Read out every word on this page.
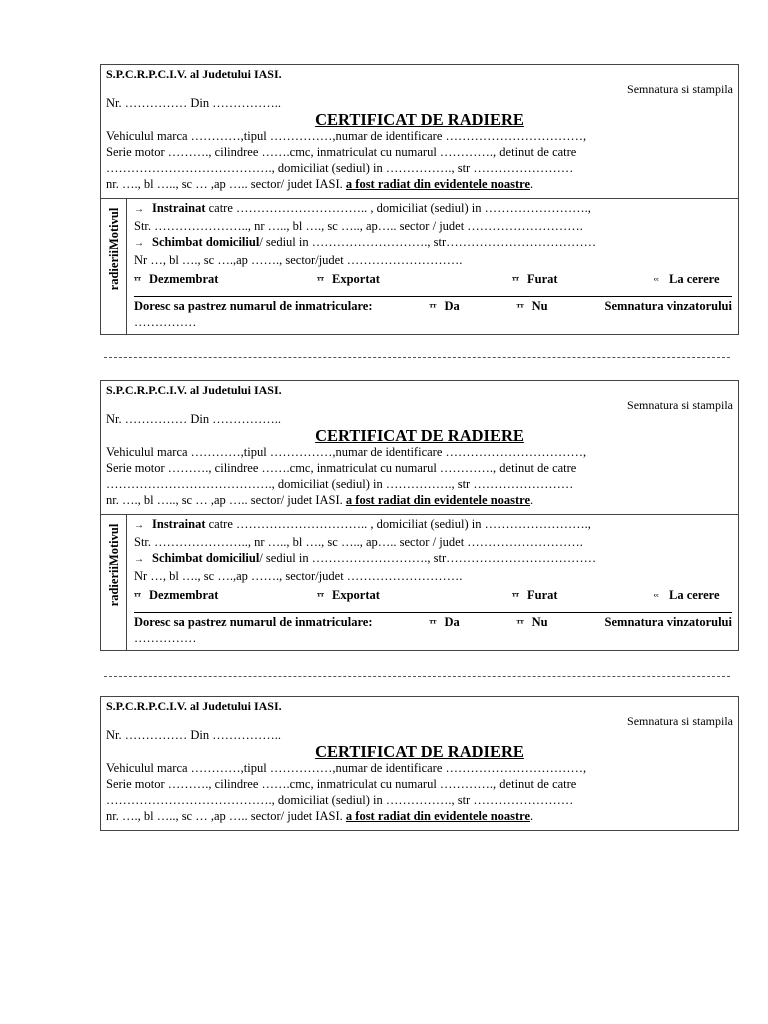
S.P.C.R.P.C.I.V. al Judetului IASI.
Semnatura si stampila
Nr. …………… Din ……………..
CERTIFICAT DE RADIERE
Vehiculul marca …………,tipul ……………,numar de identificare ……………………………,
Serie motor ………., cilindree …….cmc, inmatriculat cu numarul …………., detinut de catre
…………………………………., domiciliat (sediul) in ……………., str ……………………
nr. …., bl ….., sc … ,ap ….. sector/ judet IASI. a fost radiat din evidentele noastre.
radieriiMotivul → Instrainat catre ………………………….. , domiciliat (sediul) in …………………….,
Str. ………………….., nr ….., bl …., sc ….., ap….. sector / judet ……………………….
→ Schimbat domiciliul/ sediul in ………………………., str………………………………
Nr …, bl …., sc ….,ap ……., sector/judet ……………………….
ᵀᵀ Dezmembrat	ᵀᵀ Exportat	ᵀᵀ Furat	ᶜᶜ La cerere
Doresc sa pastrez numarul de inmatriculare:	ᵀᵀ Da	ᵀᵀ Nu	Semnatura vinzatorului
……………
S.P.C.R.P.C.I.V. al Judetului IASI.
Semnatura si stampila
Nr. …………… Din ……………..
CERTIFICAT DE RADIERE
Vehiculul marca …………,tipul ……………,numar de identificare ……………………………,
Serie motor ………., cilindree …….cmc, inmatriculat cu numarul …………., detinut de catre
…………………………………., domiciliat (sediul) in ……………., str ……………………
nr. …., bl ….., sc … ,ap ….. sector/ judet IASI. a fost radiat din evidentele noastre.
radieriiMotivul → Instrainat catre ………………………….. , domiciliat (sediul) in …………………….,
Str. ………………….., nr ….., bl …., sc ….., ap….. sector / judet ……………………….
→ Schimbat domiciliul/ sediul in ………………………., str………………………………
Nr …, bl …., sc ….,ap ……., sector/judet ……………………….
ᵀᵀ Dezmembrat	ᵀᵀ Exportat	ᵀᵀ Furat	ᶜᶜ La cerere
Doresc sa pastrez numarul de inmatriculare:	ᵀᵀ Da	ᵀᵀ Nu	Semnatura vinzatorului
……………
S.P.C.R.P.C.I.V. al Judetului IASI.
Semnatura si stampila
Nr. …………… Din ……………..
CERTIFICAT DE RADIERE
Vehiculul marca …………,tipul ……………,numar de identificare ……………………………,
Serie motor ………., cilindree …….cmc, inmatriculat cu numarul …………., detinut de catre
…………………………………., domiciliat (sediul) in ……………., str ……………………
nr. …., bl ….., sc … ,ap ….. sector/ judet IASI. a fost radiat din evidentele noastre.
